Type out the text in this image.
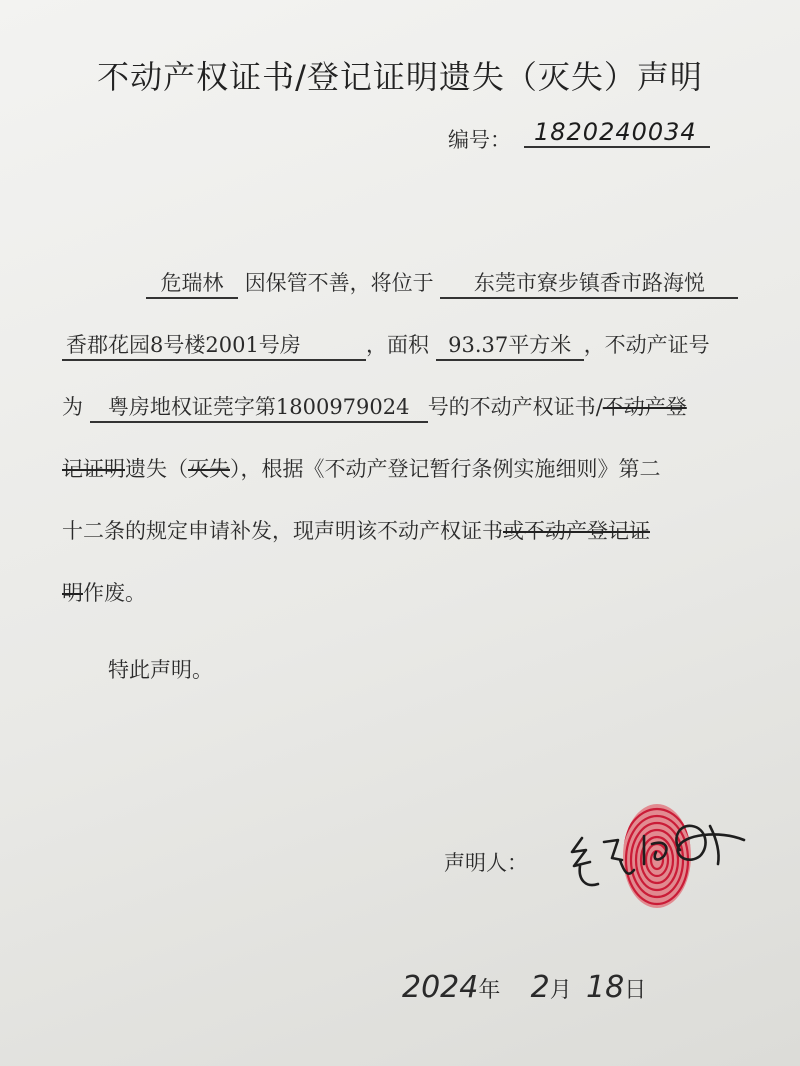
不动产权证书/登记证明遗失（灭失）声明
编号： 1820240034
危瑞林 因保管不善，将位于 东莞市寮步镇香市路海悦
香郡花园8号楼2001号房	，面积 93.37平方米 ，不动产证号
为 粤房地权证莞字第1800979024 号的不动产权证书/不动产登
记证明遗失（灭失），根据《不动产登记暂行条例实施细则》第二
十二条的规定申请补发，现声明该不动产权证书或不动产登记证
明作废。
特此声明。
声明人：
2024年 2月 18日
